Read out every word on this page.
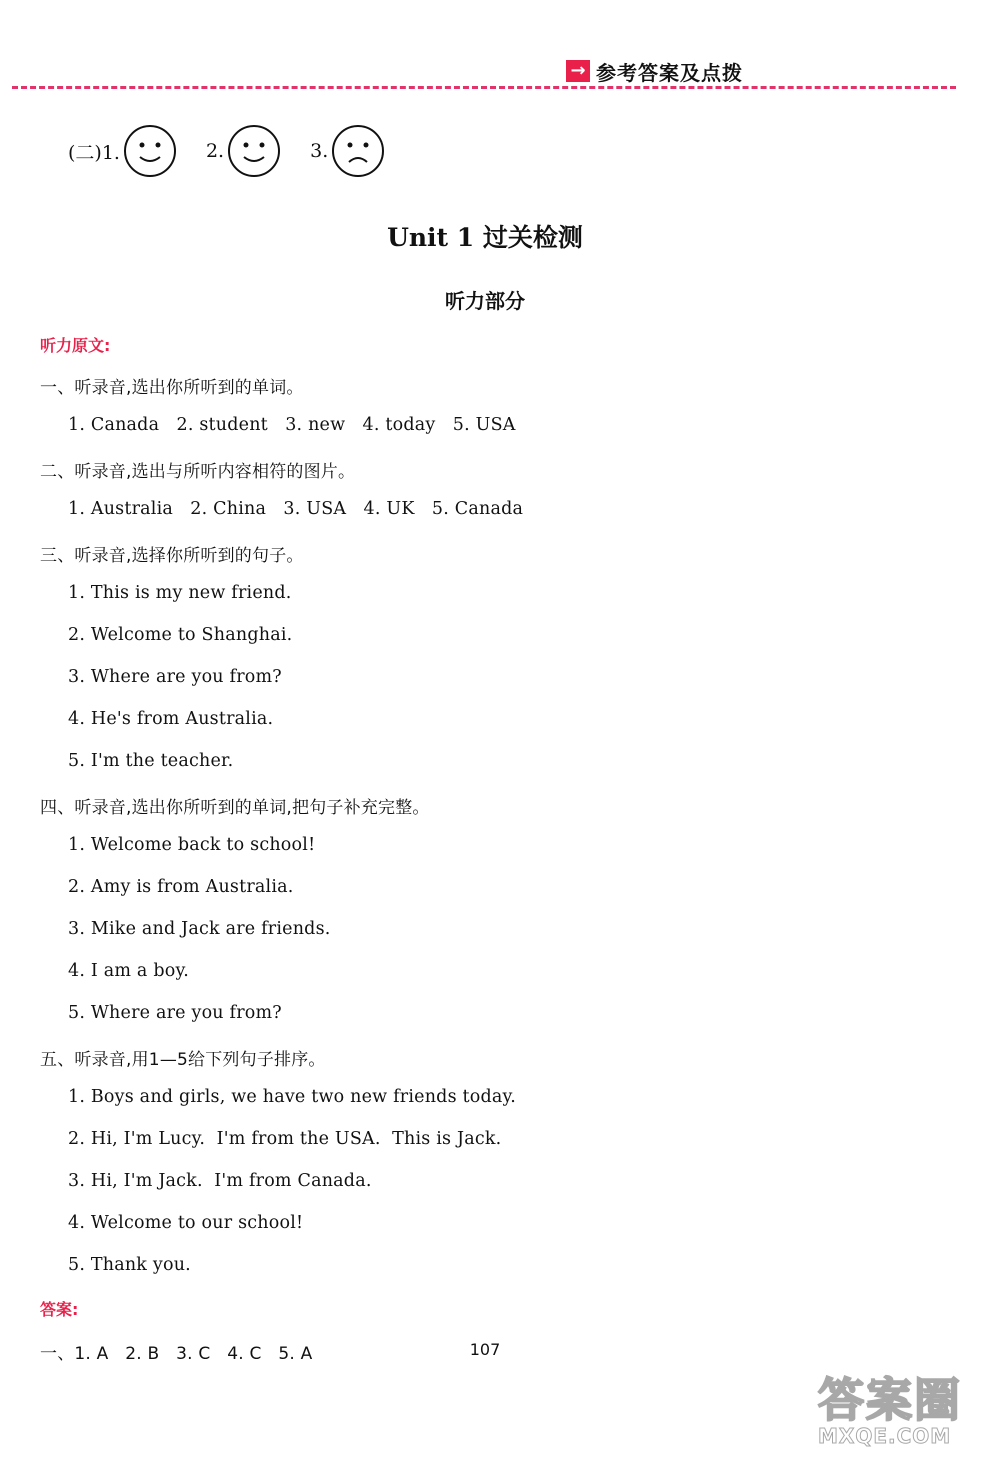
→ 参考答案及点拨
(二)1.	2.	3.
Unit 1 过关检测
听力部分
听力原文:
一、听录音,选出你所听到的单词。
1. Canada   2. student   3. new   4. today   5. USA
二、听录音,选出与所听内容相符的图片。
1. Australia   2. China   3. USA   4. UK   5. Canada
三、听录音,选择你所听到的句子。
1. This is my new friend.
2. Welcome to Shanghai.
3. Where are you from?
4. He's from Australia.
5. I'm the teacher.
四、听录音,选出你所听到的单词,把句子补充完整。
1. Welcome back to school!
2. Amy is from Australia.
3. Mike and Jack are friends.
4. I am a boy.
5. Where are you from?
五、听录音,用1—5给下列句子排序。
1. Boys and girls, we have two new friends today.
2. Hi, I'm Lucy.  I'm from the USA.  This is Jack.
3. Hi, I'm Jack.  I'm from Canada.
4. Welcome to our school!
5. Thank you.
答案:
一、1. A   2. B   3. C   4. C   5. A	107
答案圈
MXQE.COM
